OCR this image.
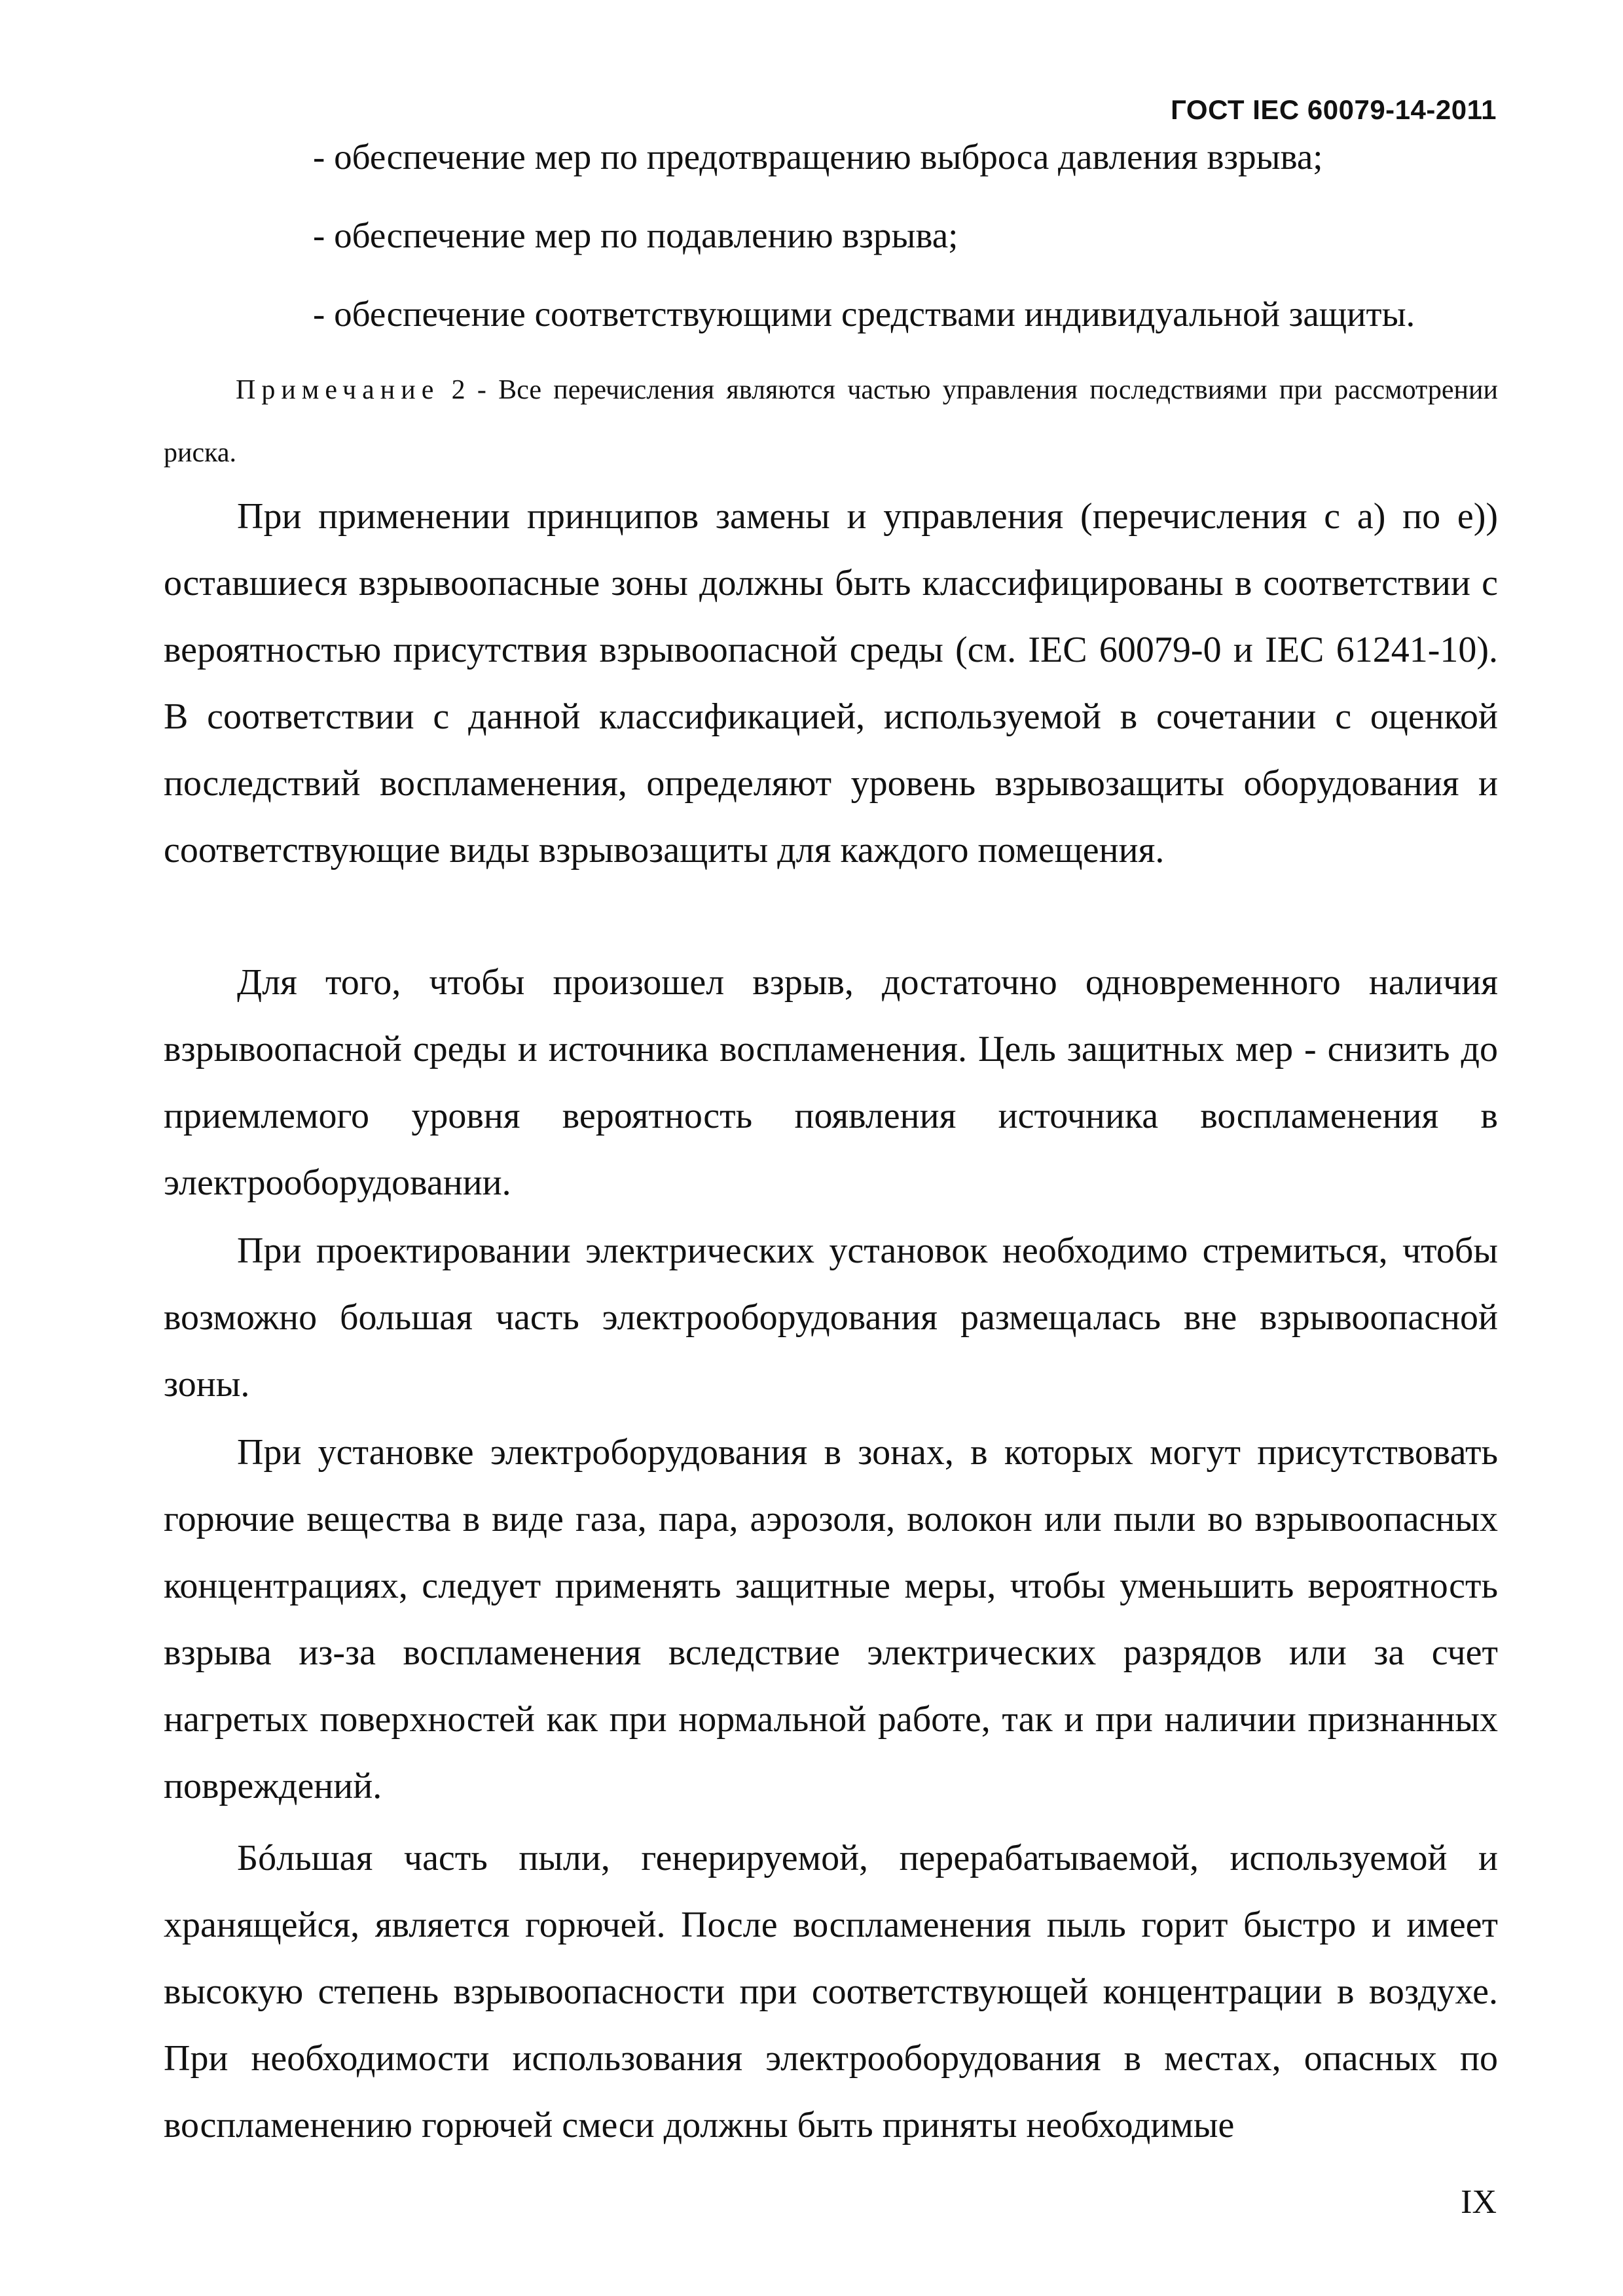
ГОСТ IEC 60079-14-2011
- обеспечение мер по предотвращению выброса давления взрыва;
- обеспечение мер по подавлению взрыва;
- обеспечение соответствующими средствами индивидуальной защиты.
Примечание 2 - Все перечисления являются частью управления последствиями при рассмотрении риска.

При применении принципов замены и управления (перечисления с а) по е)) оставшиеся взрывоопасные зоны должны быть классифицированы в соответствии с вероятностью присутствия взрывоопасной среды (см. IEC 60079-0 и IEC 61241-10). В соответствии с данной классификацией, используемой в сочетании с оценкой последствий воспламенения, определяют уровень взрывозащиты оборудования и соответствующие виды взрывозащиты для каждого помещения.

Для того, чтобы произошел взрыв, достаточно одновременного наличия взрывоопасной среды и источника воспламенения. Цель защитных мер - снизить до приемлемого уровня вероятность появления источника воспламенения в электрооборудовании.

При проектировании электрических установок необходимо стремиться, чтобы возможно большая часть электрооборудования размещалась вне взрывоопасной зоны.

При установке электроборудования в зонах, в которых могут присутствовать горючие вещества в виде газа, пара, аэрозоля, волокон или пыли во взрывоопасных концентрациях, следует применять защитные меры, чтобы уменьшить вероятность взрыва из-за воспламенения вследствие электрических разрядов или за счет нагретых поверхностей как при нормальной работе, так и при наличии признанных повреждений.

Бóльшая часть пыли, генерируемой, перерабатываемой, используемой и хранящейся, является горючей. После воспламенения пыль горит быстро и имеет высокую степень взрывоопасности при соответствующей концентрации в воздухе. При необходимости использования электрооборудования в местах, опасных по воспламенению горючей смеси должны быть приняты необходимые

IX
